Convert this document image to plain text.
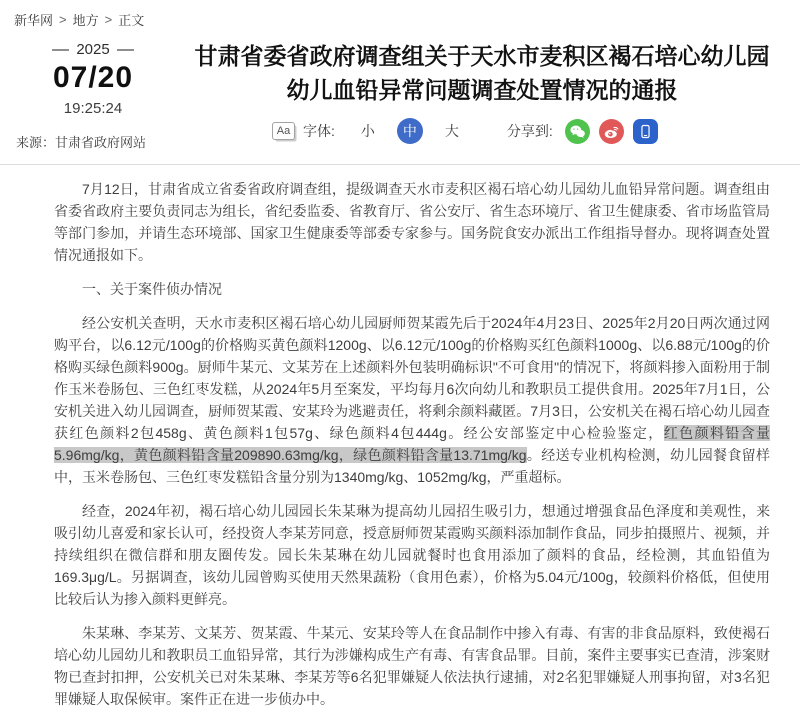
新华网 > 地方 > 正文
2025
07/20
19:25:24
来源：甘肃省政府网站
甘肃省委省政府调查组关于天水市麦积区褐石培心幼儿园幼儿血铅异常问题调查处置情况的通报
Aa 字体:	小	中	大	分享到:

7月12日，甘肃省成立省委省政府调查组，提级调查天水市麦积区褐石培心幼儿园幼儿血铅异常问题。调查组由省委省政府主要负责同志为组长，省纪委监委、省教育厅、省公安厅、省生态环境厅、省卫生健康委、省市场监管局等部门参加，并请生态环境部、国家卫生健康委等部委专家参与。国务院食安办派出工作组指导督办。现将调查处置情况通报如下。

一、关于案件侦办情况

经公安机关查明，天水市麦积区褐石培心幼儿园厨师贺某霞先后于2024年4月23日、2025年2月20日两次通过网购平台，以6.12元/100g的价格购买黄色颜料1200g、以6.12元/100g的价格购买红色颜料1000g、以6.88元/100g的价格购买绿色颜料900g。厨师牛某元、文某芳在上述颜料外包装明确标识"不可食用"的情况下，将颜料掺入面粉用于制作玉米卷肠包、三色红枣发糕，从2024年5月至案发，平均每月6次向幼儿和教职员工提供食用。2025年7月1日，公安机关进入幼儿园调查，厨师贺某霞、安某玲为逃避责任，将剩余颜料藏匿。7月3日，公安机关在褐石培心幼儿园查获红色颜料2包458g、黄色颜料1包57g、绿色颜料4包444g。经公安部鉴定中心检验鉴定，红色颜料铅含量5.96mg/kg，黄色颜料铅含量209890.63mg/kg，绿色颜料铅含量13.71mg/kg。经送专业机构检测，幼儿园餐食留样中，玉米卷肠包、三色红枣发糕铅含量分别为1340mg/kg、1052mg/kg，严重超标。

经查，2024年初，褐石培心幼儿园园长朱某琳为提高幼儿园招生吸引力，想通过增强食品色泽度和美观性，来吸引幼儿喜爱和家长认可，经投资人李某芳同意，授意厨师贺某霞购买颜料添加制作食品，同步拍摄照片、视频，并持续组织在微信群和朋友圈传发。园长朱某琳在幼儿园就餐时也食用添加了颜料的食品，经检测，其血铅值为169.3μg/L。另据调查，该幼儿园曾购买使用天然果蔬粉（食用色素），价格为5.04元/100g，较颜料价格低，但使用比较后认为掺入颜料更鲜亮。

朱某琳、李某芳、文某芳、贺某霞、牛某元、安某玲等人在食品制作中掺入有毒、有害的非食品原料，致使褐石培心幼儿园幼儿和教职员工血铅异常，其行为涉嫌构成生产有毒、有害食品罪。目前，案件主要事实已查清，涉案财物已查封扣押，公安机关已对朱某琳、李某芳等6名犯罪嫌疑人依法执行逮捕，对2名犯罪嫌疑人刑事拘留，对3名犯罪嫌疑人取保候审。案件正在进一步侦办中。
